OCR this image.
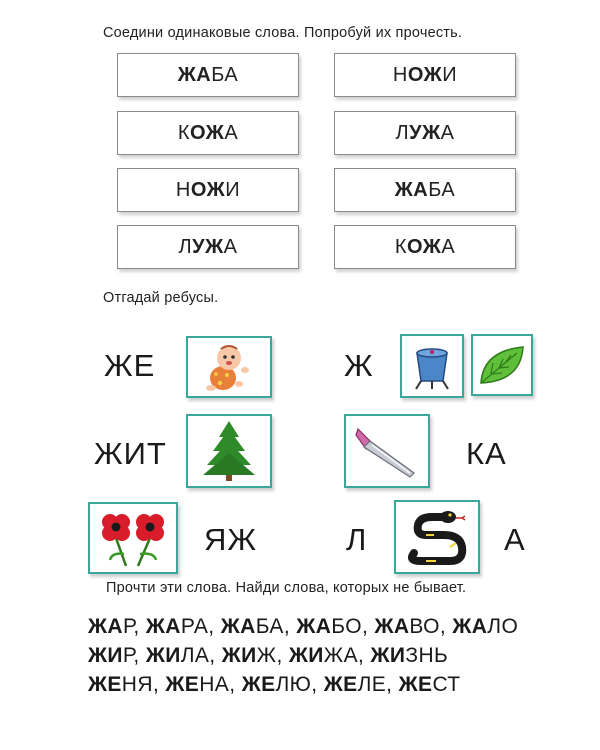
Соедини одинаковые слова. Попробуй их прочесть.
ЖА БА
К ОЖ А
Н ОЖ И
Л УЖ А
Н ОЖ И
Л УЖ А
ЖА БА
К ОЖ А
Отгадай ребусы.
ЖЕ	Ж
ЖИТ	КА
ЯЖ	Л	А
Прочти эти слова. Найди слова, которых не бывает.
ЖАР, ЖАРА, ЖАБА, ЖАБО, ЖАВО, ЖАЛО
ЖИР, ЖИЛА, ЖИЖ, ЖИЖА, ЖИЗНЬ
ЖЕНЯ, ЖЕНА, ЖЕЛЮ, ЖЕЛЕ, ЖЕСТ
